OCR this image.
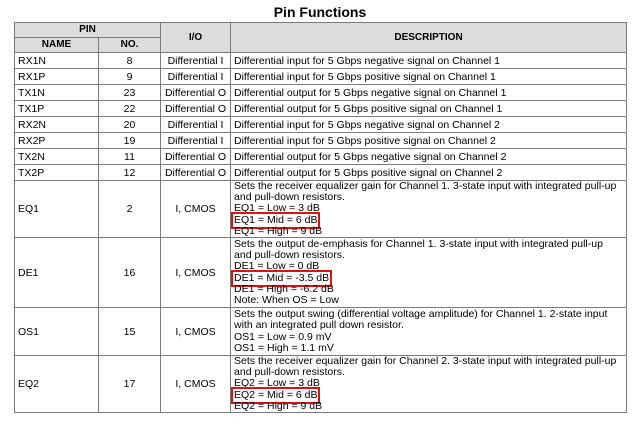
Pin Functions
PIN		I/O	DESCRIPTION
NAME	NO.		
RX1N	8	Differential I	Differential input for 5 Gbps negative signal on Channel 1
RX1P	9	Differential I	Differential input for 5 Gbps positive signal on Channel 1
TX1N	23	Differential O	Differential output for 5 Gbps negative signal on Channel 1
TX1P	22	Differential O	Differential output for 5 Gbps positive signal on Channel 1
RX2N	20	Differential I	Differential input for 5 Gbps negative signal on Channel 2
RX2P	19	Differential I	Differential input for 5 Gbps positive signal on Channel 2
TX2N	11	Differential O	Differential output for 5 Gbps negative signal on Channel 2
TX2P	12	Differential O	Differential output for 5 Gbps positive signal on Channel 2
EQ1	2	I, CMOS	Sets the receiver equalizer gain for Channel 1. 3-state input with integrated pull-up and pull-down resistors.
EQ1 = Low = 3 dB
EQ1 = Mid = 6 dB
EQ1 = High = 9 dB

DE1	16	I, CMOS	Sets the output de-emphasis for Channel 1. 3-state input with integrated pull-up and pull-down resistors.
DE1 = Low = 0 dB
DE1 = Mid = -3.5 dB
DE1 = High = -6.2 dB
Note: When OS = Low

OS1	15	I, CMOS	Sets the output swing (differential voltage amplitude) for Channel 1. 2-state input with an integrated pull down resistor.
OS1 = Low = 0.9 mV
OS1 = High = 1.1 mV

EQ2	17	I, CMOS	Sets the receiver equalizer gain for Channel 2. 3-state input with integrated pull-up and pull-down resistors.
EQ2 = Low = 3 dB
EQ2 = Mid = 6 dB
EQ2 = High = 9 dB
